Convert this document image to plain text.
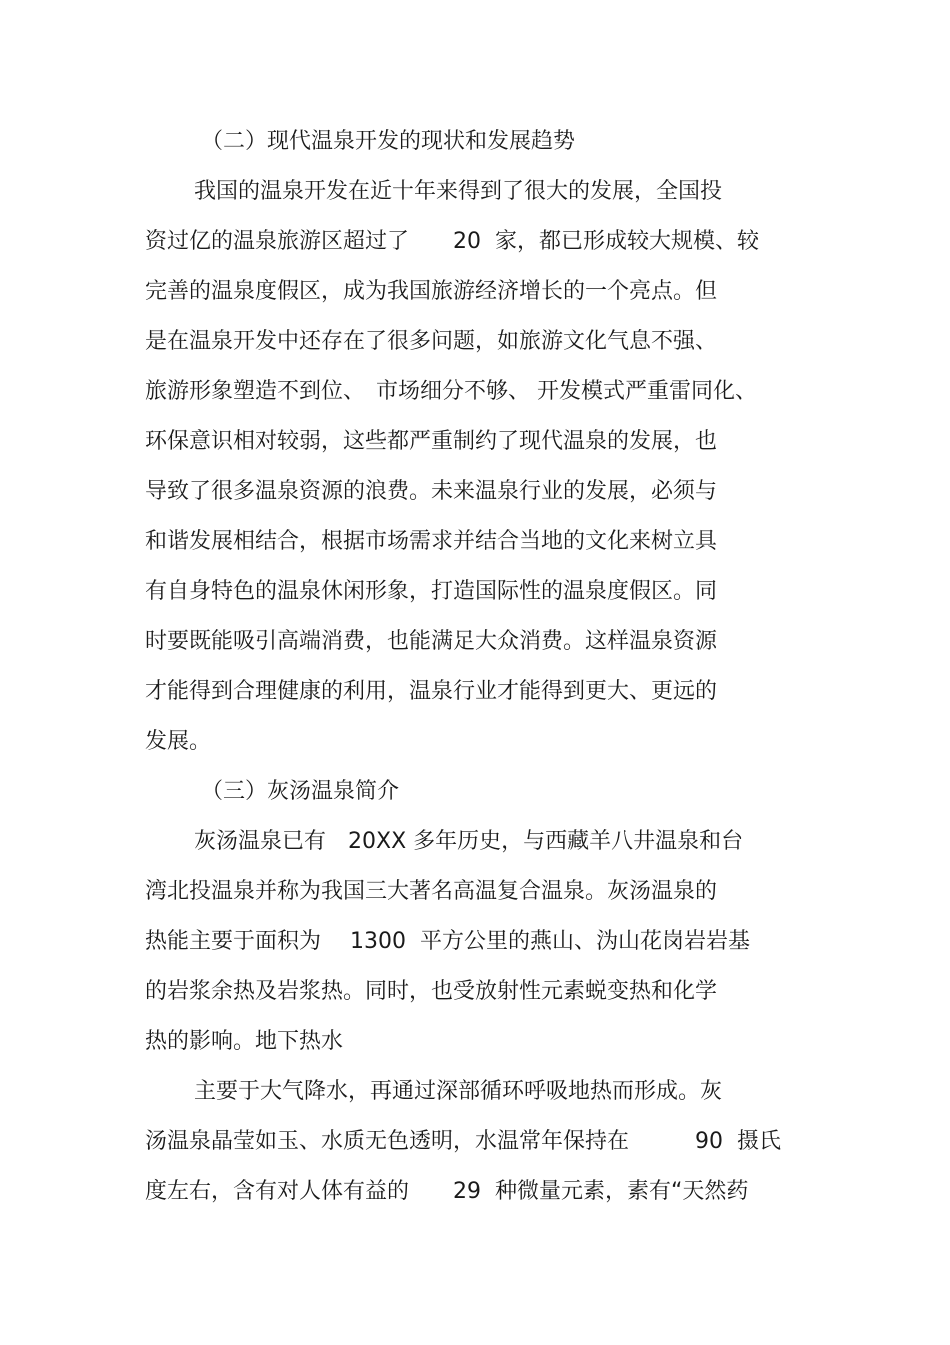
（二）现代温泉开发的现状和发展趋势
我国的温泉开发在近十年来得到了很大的发展，全国投
资过亿的温泉旅游区超过了　　20  家，都已形成较大规模、较
完善的温泉度假区，成为我国旅游经济增长的一个亮点。但
是在温泉开发中还存在了很多问题，如旅游文化气息不强、
旅游形象塑造不到位、　市场细分不够、 开发模式严重雷同化、
环保意识相对较弱，这些都严重制约了现代温泉的发展，也
导致了很多温泉资源的浪费。未来温泉行业的发展，必须与
和谐发展相结合，根据市场需求并结合当地的文化来树立具
有自身特色的温泉休闲形象，打造国际性的温泉度假区。同
时要既能吸引高端消费，也能满足大众消费。这样温泉资源
才能得到合理健康的利用，温泉行业才能得到更大、更远的
发展。
（三）灰汤温泉简介
灰汤温泉已有　20XX 多年历史，与西藏羊八井温泉和台
湾北投温泉并称为我国三大著名高温复合温泉。灰汤温泉的
热能主要于面积为　 1300  平方公里的燕山、沩山花岗岩岩基
的岩浆余热及岩浆热。同时，也受放射性元素蜕变热和化学
热的影响。地下热水
主要于大气降水，再通过深部循环呼吸地热而形成。灰
汤温泉晶莹如玉、水质无色透明，水温常年保持在　　　90  摄氏
度左右，含有对人体有益的　　29  种微量元素，素有“天然药
